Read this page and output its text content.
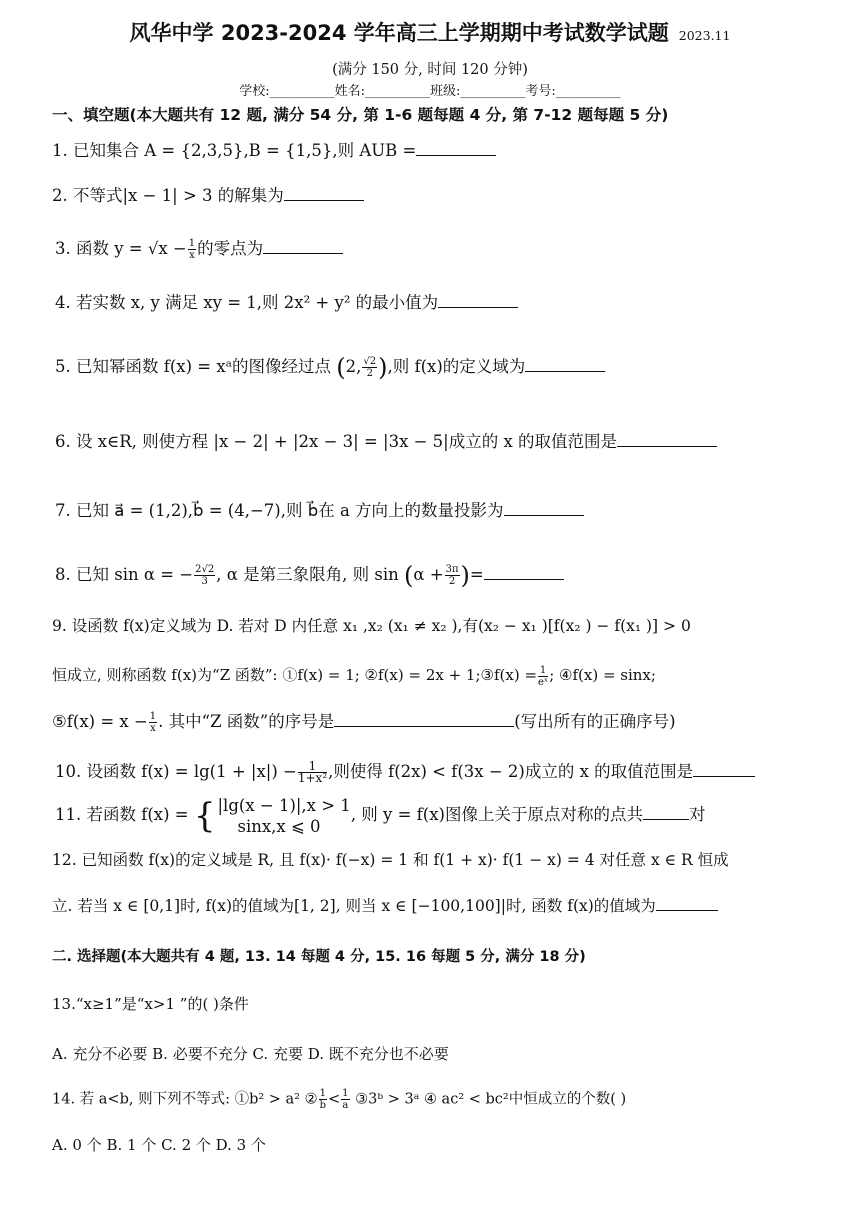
风华中学 2023-2024 学年高三上学期期中考试数学试题 2023.11
(满分 150 分, 时间 120 分钟)
学校:__________姓名:__________班级:__________考号:__________
一、填空题(本大题共有 12 题, 满分 54 分, 第 1-6 题每题 4 分, 第 7-12 题每题 5 分)
1. 已知集合 A = {2,3,5},B = {1,5},则 AUB =
2. 不等式|x − 1| > 3 的解集为
3. 函数 $y = √x - \frac{1}{x}$ 的零点为
4. 若实数 x, y 满足 xy = 1,则 2x² + y² 的最小值为
5. 已知幂函数 f(x) = xᵃ的图像经过点 (2, $\frac{√2}{2}$ ),则 f(x)的定义域为
6. 设 x∈R, 则使方程 |x − 2| + |2x − 3| = |3x − 5|成立的 x 的取值范围是
7. 已知 a⃗ = (1,2),b⃗ = (4,−7),则 b⃗在 a 方向上的数量投影为
8. 已知 sin α = − $\frac{2√2}{3}$ , α 是第三象限角, 则 $\sin (\alpha + \frac{3\pi}{2}$ )=
9. 设函数 f(x)定义域为 D. 若对 D 内任意 x₁ ,x₂ (x₁ ≠ x₂ ),有(x₂ − x₁ )[f(x₂ ) − f(x₁ )] > 0
恒成立, 则称函数 f(x)为“Z 函数”: ①f(x) = 1; ②f(x) = 2x + 1;③f(x) = $\frac{1}{\text{eˣ}}$ ; ④f(x) = sinx;
⑤f(x) = $x - \frac{1}{x}$ . 其中“Z 函数”的序号是	(写出所有的正确序号)
10. 设函数 $f(x) = \lg(1 + |x|) - \frac{1}{\text{1+x²}}$ ,则使得 f(2x) < f(3x − 2)成立的 x 的取值范围是
11. 若函数 f(x) = { |lg(x − 1)|,x > 1
sinx,x ⩽ 0
, 则 y = f(x)图像上关于原点对称的点共	对
12. 已知函数 f(x)的定义域是 R, 且 f(x)· f(−x) = 1 和 f(1 + x)· f(1 − x) = 4 对任意 x ∈ R 恒成
立. 若当 x ∈ [0,1]时, f(x)的值域为[1, 2], 则当 x ∈ [−100,100]|时, 函数 f(x)的值域为
二. 选择题(本大题共有 4 题, 13. 14 每题 4 分, 15. 16 每题 5 分, 满分 18 分)
13.“x≥1”是“x>1 ”的( )条件
A. 充分不必要 B. 必要不充分 C. 充要 D. 既不充分也不必要
14. 若 a<b, 则下列不等式: ①b² > a² ② $\frac{1}{b} < \frac{1}{a}$ ③3ᵇ > 3ᵃ ④ ac² < bc²中恒成立的个数( )
A. 0 个 B. 1 个 C. 2 个 D. 3 个
